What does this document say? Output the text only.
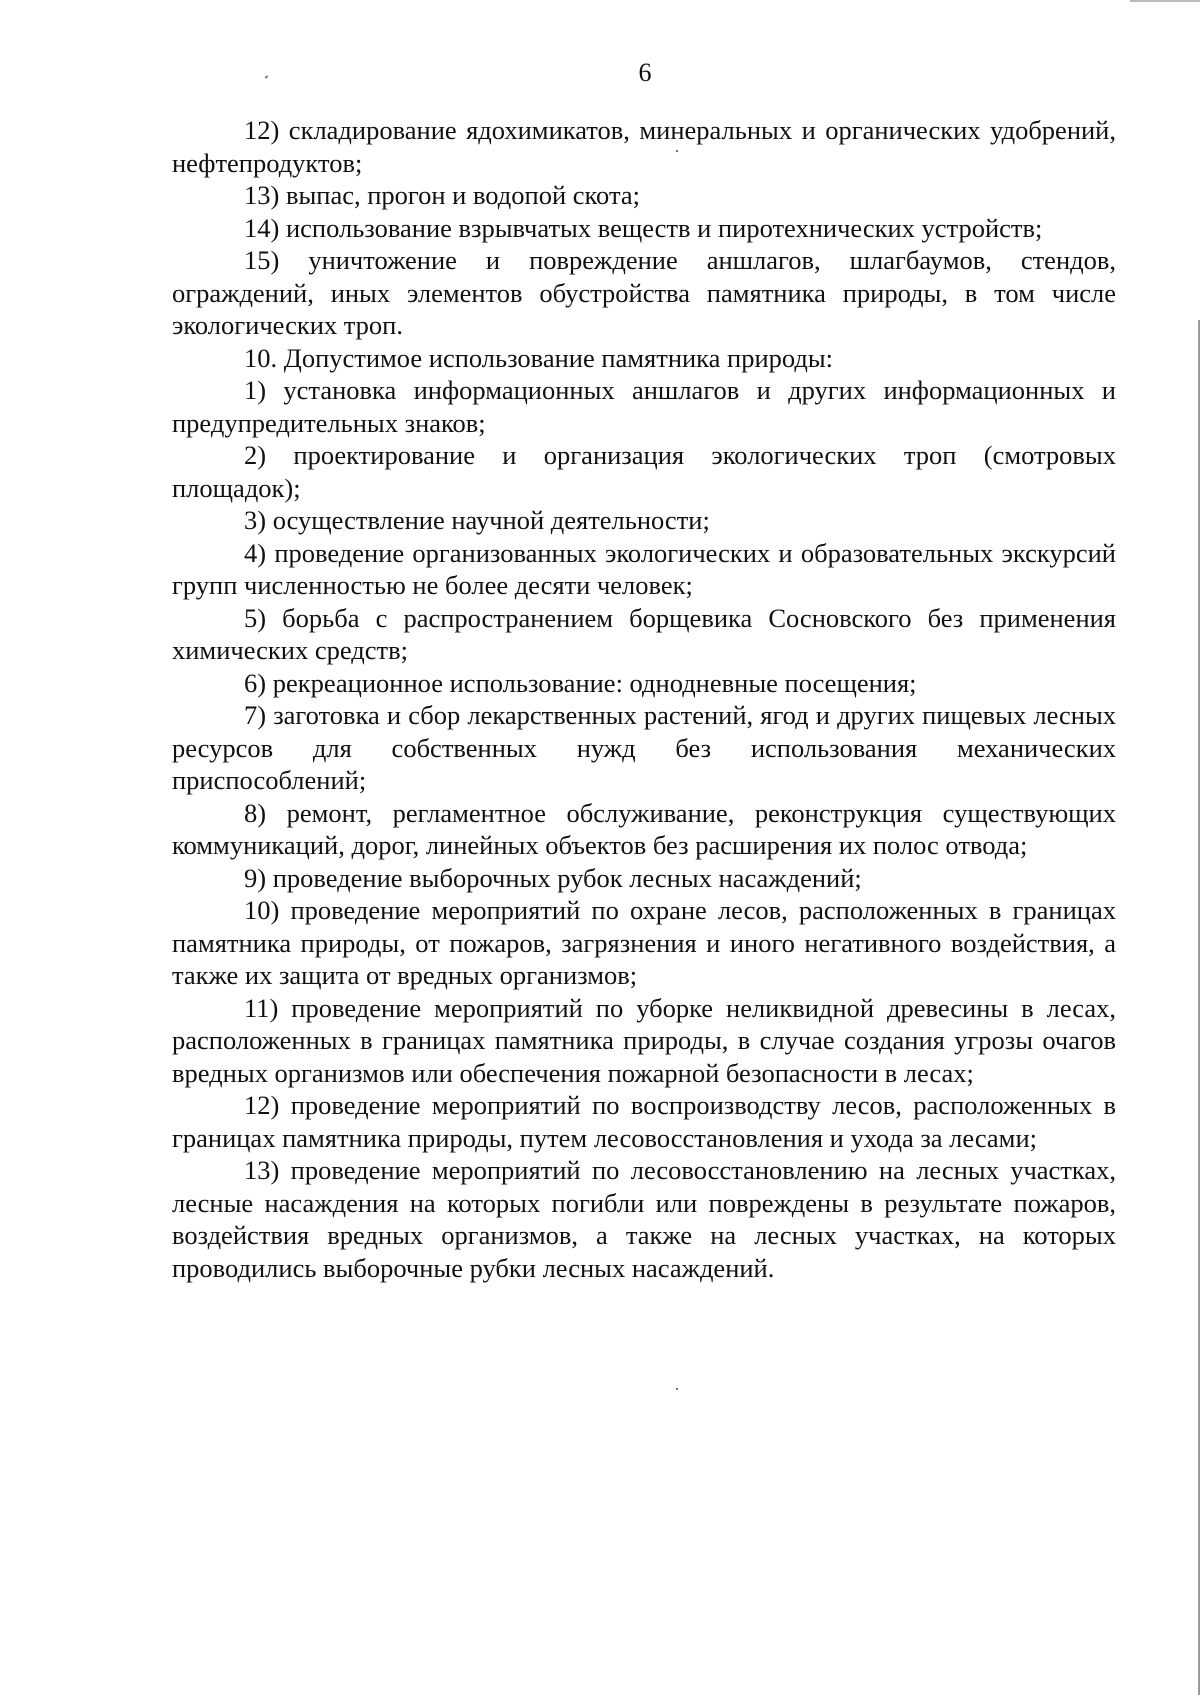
6

12) складирование ядохимикатов, минеральных и органических удобрений, нефтепродуктов;

13) выпас, прогон и водопой скота;

14) использование взрывчатых веществ и пиротехнических устройств;

15) уничтожение и повреждение аншлагов, шлагбаумов, стендов, ограждений, иных элементов обустройства памятника природы, в том числе экологических троп.

10. Допустимое использование памятника природы:

1) установка информационных аншлагов и других информационных и предупредительных знаков;

2) проектирование и организация экологических троп (смотровых площадок);

3) осуществление научной деятельности;

4) проведение организованных экологических и образовательных экскурсий групп численностью не более десяти человек;

5) борьба с распространением борщевика Сосновского без применения химических средств;

6) рекреационное использование: однодневные посещения;

7) заготовка и сбор лекарственных растений, ягод и других пищевых лесных ресурсов для собственных нужд без использования механических приспособлений;

8) ремонт, регламентное обслуживание, реконструкция существующих коммуникаций, дорог, линейных объектов без расширения их полос отвода;

9) проведение выборочных рубок лесных насаждений;

10) проведение мероприятий по охране лесов, расположенных в границах памятника природы, от пожаров, загрязнения и иного негативного воздействия, а также их защита от вредных организмов;

11) проведение мероприятий по уборке неликвидной древесины в лесах, расположенных в границах памятника природы, в случае создания угрозы очагов вредных организмов или обеспечения пожарной безопасности в лесах;

12) проведение мероприятий по воспроизводству лесов, расположенных в границах памятника природы, путем лесовосстановления и ухода за лесами;

13) проведение мероприятий по лесовосстановлению на лесных участках, лесные насаждения на которых погибли или повреждены в результате пожаров, воздействия вредных организмов, а также на лесных участках, на которых проводились выборочные рубки лесных насаждений.
